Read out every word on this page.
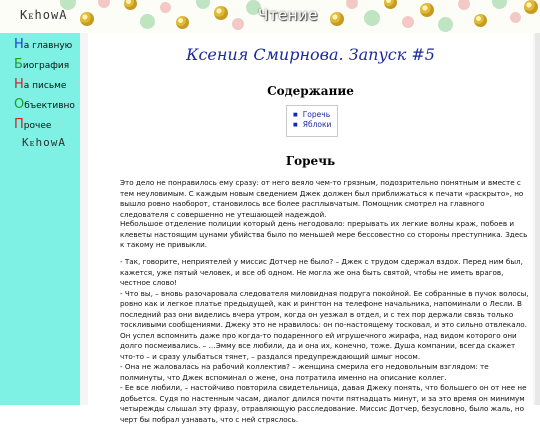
KᴇhowA	Чтение
На главную
Биография
На письме
Объективно
Прочее
KᴇhowA
Ксения Смирнова. Запуск #5
Содержание
■ Горечь
■ Яблоки
Горечь

Это дело не понравилось ему сразу: от него веяло чем-то грязным, подозрительно понятным и вместе с тем неуловимым. С каждым новым сведением Джек должен был приближаться к печати «раскрыто», но вышло ровно наоборот, становилось все более расплывчатым. Помощник смотрел на главного следователя с совершенно не утешающей надеждой.

Небольшое отделение полиции который день негодовало: прерывать их легкие волны краж, побоев и клеветы настоящим цунами убийства было по меньшей мере бессовестно со стороны преступника. Здесь к такому не привыкли.

- Так, говорите, неприятелей у миссис Дотчер не было? – Джек с трудом сдержал вздох. Перед ним был, кажется, уже пятый человек, и все об одном. Не могла же она быть святой, чтобы не иметь врагов, честное слово!
- Что вы, – вновь разочаровала следователя миловидная подруга покойной. Ее собранные в пучок волосы, ровно как и легкое платье предыдущей, как и рингтон на телефоне начальника, напоминали о Лесли. В последний раз они виделись вчера утром, когда он уезжал в отдел, и с тех пор держали связь только тоскливыми сообщениями. Джеку это не нравилось: он по-настоящему тосковал, и это сильно отвлекало. Он успел вспомнить даже про когда-то подаренного ей игрушечного жирафа, над видом которого они долго посмеивались. – …Эмму все любили, да и она их, конечно, тоже. Душа компании, всегда скажет что-то – и сразу улыбаться тянет, – раздался предупреждающий шмыг носом.
- Она не жаловалась на рабочий коллектив? – женщина смерила его недовольным взглядом: те полминуты, что Джек вспоминал о жене, она потратила именно на описание коллег.
- Ее все любили, – настойчиво повторила свидетельница, давая Джеку понять, что большего он от нее не добьется. Судя по настенным часам, диалог длился почти пятнадцать минут, и за это время он минимум четырежды слышал эту фразу, отравляющую расследование. Миссис Дотчер, безусловно, было жаль, но черт бы побрал узнавать, что с ней стряслось.
